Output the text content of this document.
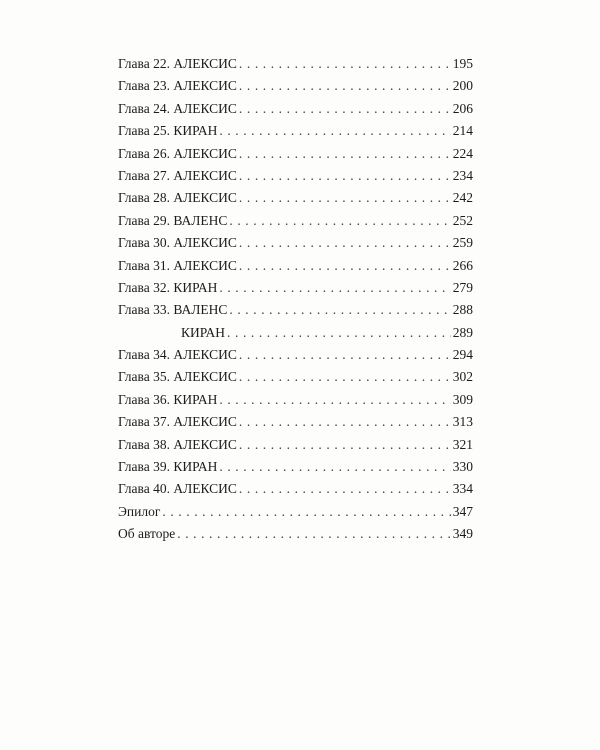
Глава 22. АЛЕКСИС . . .	195
Глава 23. АЛЕКСИС . . .	200
Глава 24. АЛЕКСИС . . .	206
Глава 25. КИРАН . . .	214
Глава 26. АЛЕКСИС . . .	224
Глава 27. АЛЕКСИС . . .	234
Глава 28. АЛЕКСИС . . .	242
Глава 29. ВАЛЕНС . . .	252
Глава 30. АЛЕКСИС . . .	259
Глава 31. АЛЕКСИС . . .	266
Глава 32. КИРАН . . .	279
Глава 33. ВАЛЕНС . . .	288
КИРАН . . .	289
Глава 34. АЛЕКСИС . . .	294
Глава 35. АЛЕКСИС . . .	302
Глава 36. КИРАН . . .	309
Глава 37. АЛЕКСИС . . .	313
Глава 38. АЛЕКСИС . . .	321
Глава 39. КИРАН . . .	330
Глава 40. АЛЕКСИС . . .	334
Эпилог . . .	347
Об авторе . . .	349
